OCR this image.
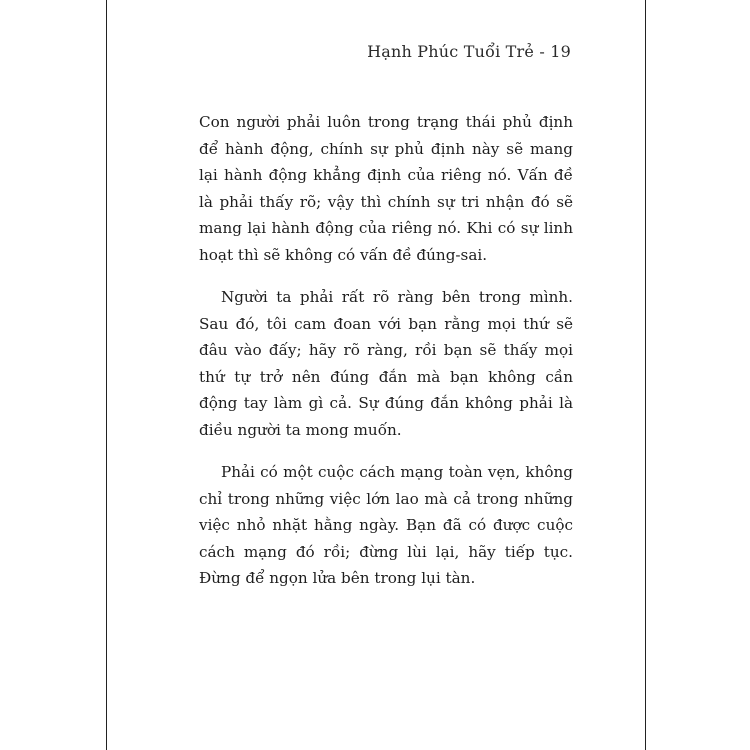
Hạnh Phúc Tuổi Trẻ - 19

Con người phải luôn trong trạng thái phủ định để hành động, chính sự phủ định này sẽ mang lại hành động khẳng định của riêng nó. Vấn đề là phải thấy rõ; vậy thì chính sự tri nhận đó sẽ mang lại hành động của riêng nó. Khi có sự linh hoạt thì sẽ không có vấn đề đúng-sai.

Người ta phải rất rõ ràng bên trong mình. Sau đó, tôi cam đoan với bạn rằng mọi thứ sẽ đâu vào đấy; hãy rõ ràng, rồi bạn sẽ thấy mọi thứ tự trở nên đúng đắn mà bạn không cần động tay làm gì cả. Sự đúng đắn không phải là điều người ta mong muốn.

Phải có một cuộc cách mạng toàn vẹn, không chỉ trong những việc lớn lao mà cả trong những việc nhỏ nhặt hằng ngày. Bạn đã có được cuộc cách mạng đó rồi; đừng lùi lại, hãy tiếp tục. Đừng để ngọn lửa bên trong lụi tàn.
